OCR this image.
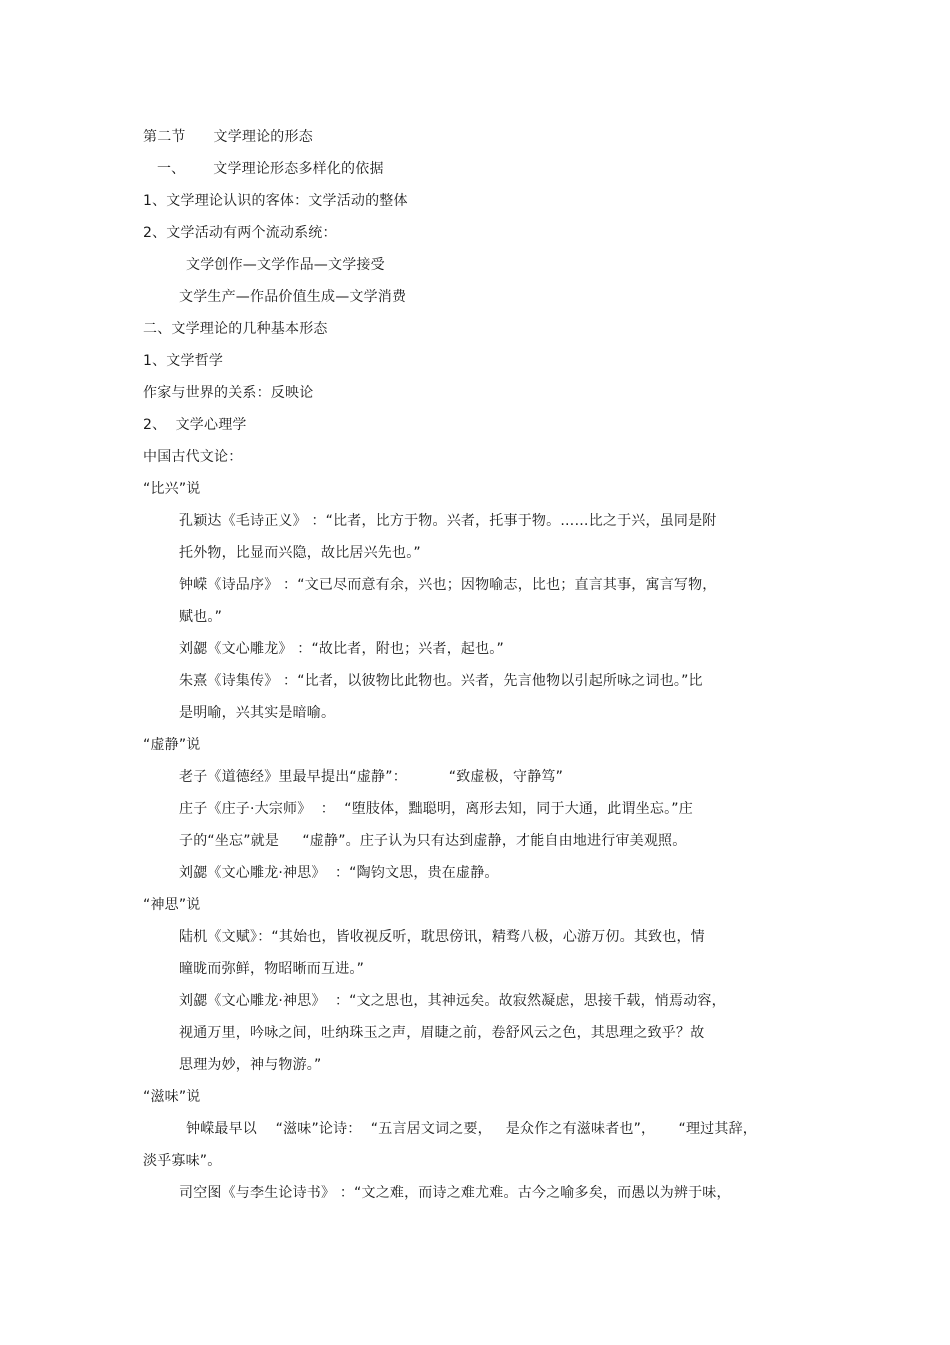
第二节      文学理论的形态
一、      文学理论形态多样化的依据
1、文学理论认识的客体：文学活动的整体
2、文学活动有两个流动系统：
文学创作—文学作品—文学接受
文学生产—作品价值生成—文学消费
二、文学理论的几种基本形态
1、文学哲学
作家与世界的关系：反映论
2、  文学心理学
中国古代文论：
“比兴”说
孔颖达《毛诗正义》 ：“比者，比方于物。兴者，托事于物。……比之于兴，虽同是附
托外物，比显而兴隐，故比居兴先也。”
钟嵘《诗品序》 ：“文已尽而意有余，兴也；因物喻志，比也；直言其事，寓言写物，
赋也。”
刘勰《文心雕龙》 ：“故比者，附也；兴者，起也。”
朱熹《诗集传》 ：“比者，以彼物比此物也。兴者，先言他物以引起所咏之词也。”比
是明喻，兴其实是暗喻。
“虚静”说
老子《道德经》里最早提出“虚静”：         “致虚极，守静笃”
庄子《庄子·大宗师》  ：  “堕肢体，黜聪明，离形去知，同于大通，此谓坐忘。”庄
子的“坐忘”就是     “虚静”。庄子认为只有达到虚静，才能自由地进行审美观照。
刘勰《文心雕龙·神思》  ：“陶钧文思，贵在虚静。
“神思”说
陆机《文赋》：“其始也，皆收视反听，耽思傍讯，精骛八极，心游万仞。其致也，情
曈昽而弥鲜，物昭晰而互进。”
刘勰《文心雕龙·神思》  ：“文之思也，其神远矣。故寂然凝虑，思接千载，悄焉动容，
视通万里，吟咏之间，吐纳珠玉之声，眉睫之前，卷舒风云之色，其思理之致乎？故
思理为妙，神与物游。”
“滋味”说
钟嵘最早以    “滋味”论诗：  “五言居文词之要，   是众作之有滋味者也”，     “理过其辞，
淡乎寡味”。
司空图《与李生论诗书》 ：“文之难，而诗之难尤难。古今之喻多矣，而愚以为辨于味，
